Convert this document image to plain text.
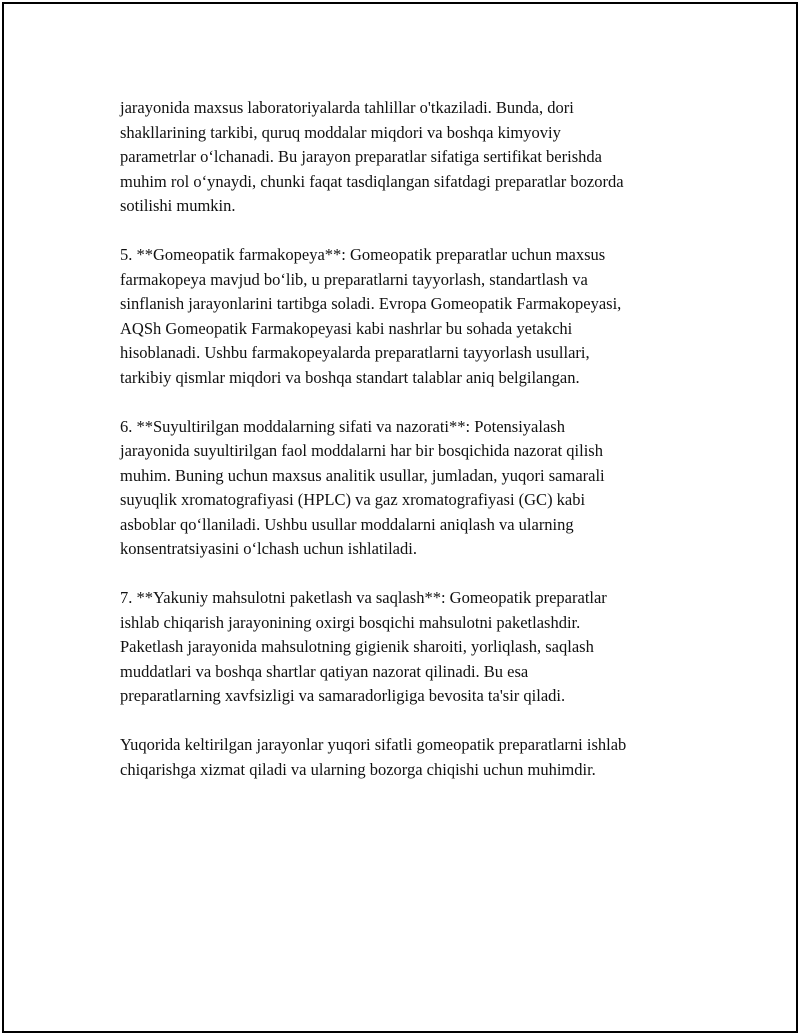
jarayonida maxsus laboratoriyalarda tahlillar o'tkaziladi. Bunda, dori
shakllarining tarkibi, quruq moddalar miqdori va boshqa kimyoviy
parametrlar o‘lchanadi. Bu jarayon preparatlar sifatiga sertifikat berishda
muhim rol o‘ynaydi, chunki faqat tasdiqlangan sifatdagi preparatlar bozorda
sotilishi mumkin.

5. **Gomeopatik farmakopeya**: Gomeopatik preparatlar uchun maxsus
farmakopeya mavjud bo‘lib, u preparatlarni tayyorlash, standartlash va
sinflanish jarayonlarini tartibga soladi. Evropa Gomeopatik Farmakopeyasi,
AQSh Gomeopatik Farmakopeyasi kabi nashrlar bu sohada yetakchi
hisoblanadi. Ushbu farmakopeyalarda preparatlarni tayyorlash usullari,
tarkibiy qismlar miqdori va boshqa standart talablar aniq belgilangan.

6. **Suyultirilgan moddalarning sifati va nazorati**: Potensiyalash
jarayonida suyultirilgan faol moddalarni har bir bosqichida nazorat qilish
muhim. Buning uchun maxsus analitik usullar, jumladan, yuqori samarali
suyuqlik xromatografiyasi (HPLC) va gaz xromatografiyasi (GC) kabi
asboblar qo‘llaniladi. Ushbu usullar moddalarni aniqlash va ularning
konsentratsiyasini o‘lchash uchun ishlatiladi.

7. **Yakuniy mahsulotni paketlash va saqlash**: Gomeopatik preparatlar
ishlab chiqarish jarayonining oxirgi bosqichi mahsulotni paketlashdir.
Paketlash jarayonida mahsulotning gigienik sharoiti, yorliqlash, saqlash
muddatlari va boshqa shartlar qatiyan nazorat qilinadi. Bu esa
preparatlarning xavfsizligi va samaradorligiga bevosita ta'sir qiladi.

Yuqorida keltirilgan jarayonlar yuqori sifatli gomeopatik preparatlarni ishlab
chiqarishga xizmat qiladi va ularning bozorga chiqishi uchun muhimdir.
